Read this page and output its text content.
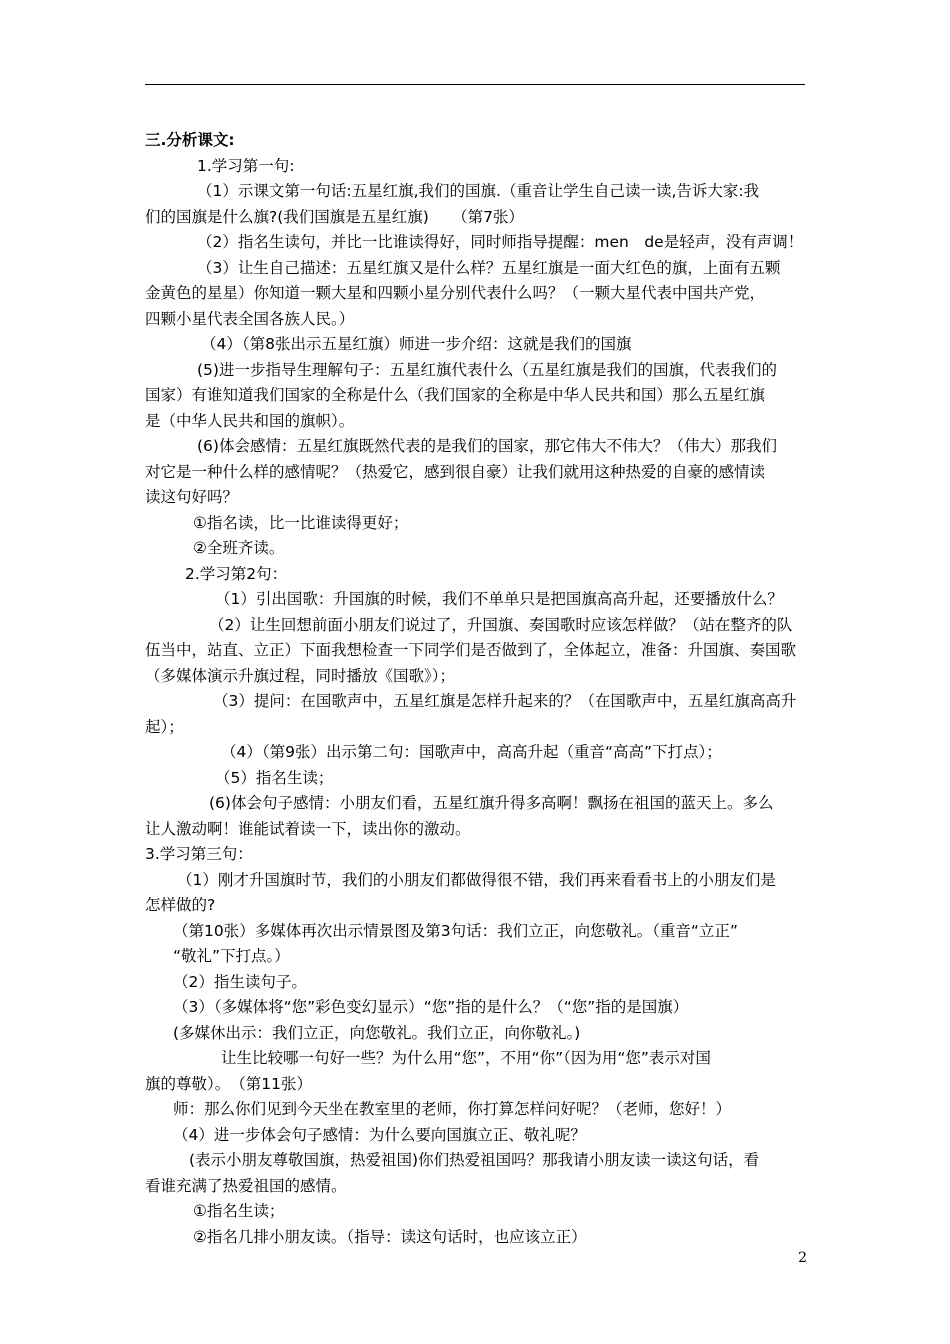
三.分析课文:

1.学习第一句:

（1）示课文第一句话:五星红旗,我们的国旗.（重音让学生自己读一读,告诉大家:我

们的国旗是什么旗?(我们国旗是五星红旗)　　（第7张）

（2）指名生读句，并比一比谁读得好，同时师指导提醒：men　de是轻声，没有声调！

（3）让生自己描述：五星红旗又是什么样？五星红旗是一面大红色的旗，上面有五颗

金黄色的星星）你知道一颗大星和四颗小星分别代表什么吗？（一颗大星代表中国共产党，

四颗小星代表全国各族人民。）

（4）（第8张出示五星红旗）师进一步介绍：这就是我们的国旗

(5)进一步指导生理解句子：五星红旗代表什么（五星红旗是我们的国旗，代表我们的

国家）有谁知道我们国家的全称是什么（我们国家的全称是中华人民共和国）那么五星红旗

是（中华人民共和国的旗帜）。

(6)体会感情：五星红旗既然代表的是我们的国家，那它伟大不伟大？（伟大）那我们

对它是一种什么样的感情呢？（热爱它，感到很自豪）让我们就用这种热爱的自豪的感情读

读这句好吗？

①指名读，比一比谁读得更好；

②全班齐读。

2.学习第2句：

（1）引出国歌：升国旗的时候，我们不单单只是把国旗高高升起，还要播放什么？

（2）让生回想前面小朋友们说过了，升国旗、奏国歌时应该怎样做？（站在整齐的队

伍当中，站直、立正）下面我想检查一下同学们是否做到了，全体起立，准备：升国旗、奏国歌

（多媒体演示升旗过程，同时播放《国歌》）；

（3）提问：在国歌声中，五星红旗是怎样升起来的？（在国歌声中，五星红旗高高升

起）；

（4）（第9张）出示第二句：国歌声中，高高升起（重音“高高”下打点）；

（5）指名生读；

(6)体会句子感情：小朋友们看，五星红旗升得多高啊！飘扬在祖国的蓝天上。多么

让人激动啊！谁能试着读一下，读出你的激动。

3.学习第三句：

（1）刚才升国旗时节，我们的小朋友们都做得很不错，我们再来看看书上的小朋友们是

怎样做的?

（第10张）多媒体再次出示情景图及第3句话：我们立正，向您敬礼。（重音“立正”

“敬礼”下打点。）

（2）指生读句子。

（3）（多媒体将“您”彩色变幻显示）“您”指的是什么？（“您”指的是国旗）

(多媒休出示：我们立正，向您敬礼。我们立正，向你敬礼。)

让生比较哪一句好一些？为什么用“您”，不用“你”（因为用“您”表示对国

旗的尊敬）。　（第11张）

师：那么你们见到今天坐在教室里的老师，你打算怎样问好呢？（老师，您好！）

（4）进一步体会句子感情：为什么要向国旗立正、敬礼呢？

(表示小朋友尊敬国旗，热爱祖国)你们热爱祖国吗？那我请小朋友读一读这句话，看

看谁充满了热爱祖国的感情。

①指名生读；

②指名几排小朋友读。（指导：读这句话时，也应该立正）

2
